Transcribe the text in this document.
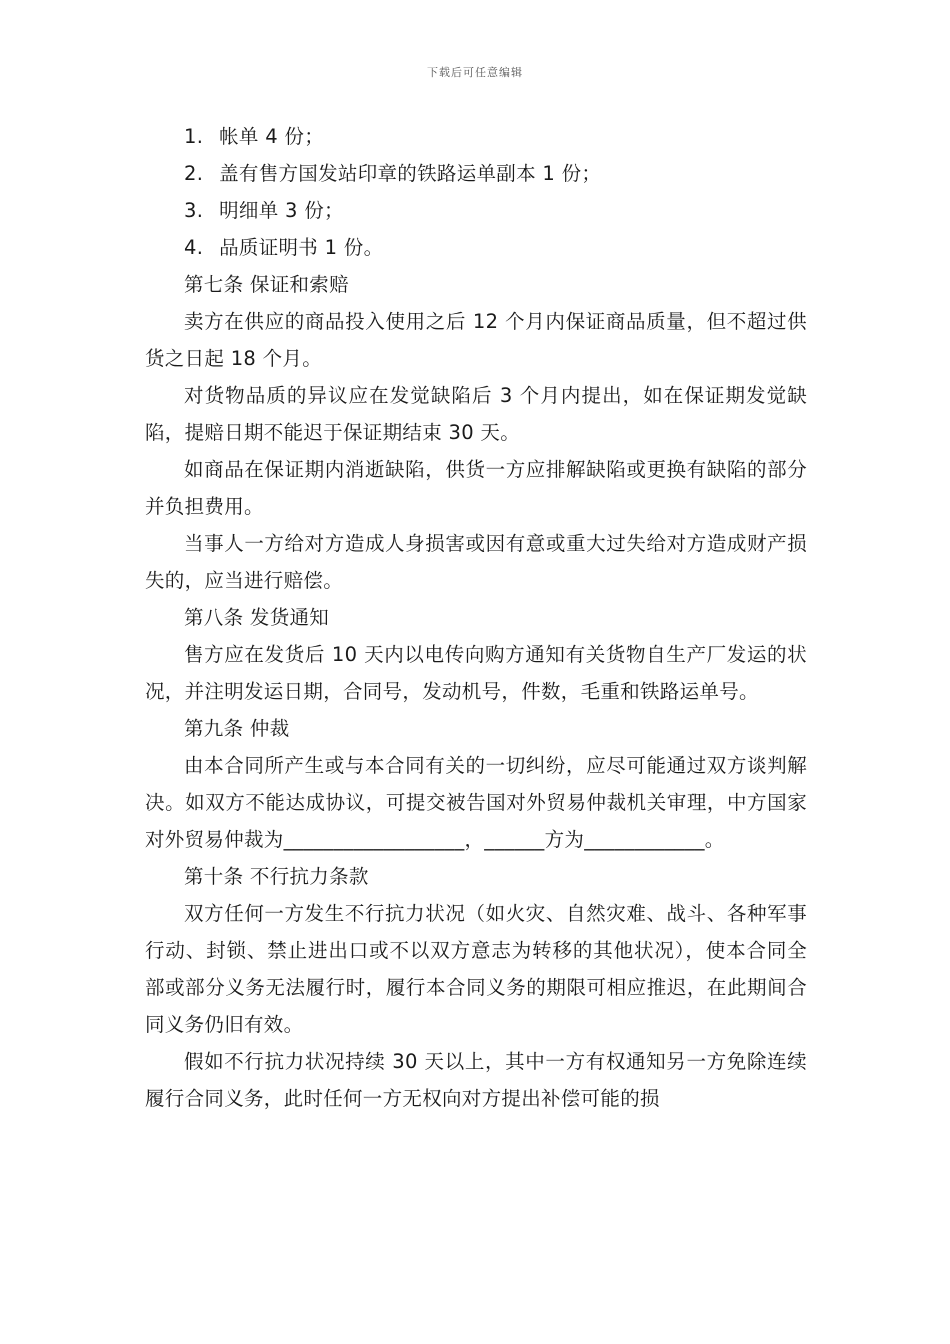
下载后可任意编辑

1. 帐单 4 份；

2. 盖有售方国发站印章的铁路运单副本 1 份；

3. 明细单 3 份；

4. 品质证明书 1 份。

第七条 保证和索赔

卖方在供应的商品投入使用之后 12 个月内保证商品质量，但不超过供货之日起 18 个月。

对货物品质的异议应在发觉缺陷后 3 个月内提出，如在保证期发觉缺陷，提赔日期不能迟于保证期结束 30 天。

如商品在保证期内消逝缺陷，供货一方应排解缺陷或更换有缺陷的部分并负担费用。

当事人一方给对方造成人身损害或因有意或重大过失给对方造成财产损失的，应当进行赔偿。

第八条 发货通知

售方应在发货后 10 天内以电传向购方通知有关货物自生产厂发运的状况，并注明发运日期，合同号，发动机号，件数，毛重和铁路运单号。

第九条 仲裁

由本合同所产生或与本合同有关的一切纠纷，应尽可能通过双方谈判解决。如双方不能达成协议，可提交被告国对外贸易仲裁机关审理，中方国家对外贸易仲裁为__________________，______方为____________。

第十条 不行抗力条款

双方任何一方发生不行抗力状况（如火灾、自然灾难、战斗、各种军事行动、封锁、禁止进出口或不以双方意志为转移的其他状况），使本合同全部或部分义务无法履行时，履行本合同义务的期限可相应推迟，在此期间合同义务仍旧有效。

假如不行抗力状况持续 30 天以上，其中一方有权通知另一方免除连续履行合同义务，此时任何一方无权向对方提出补偿可能的损
